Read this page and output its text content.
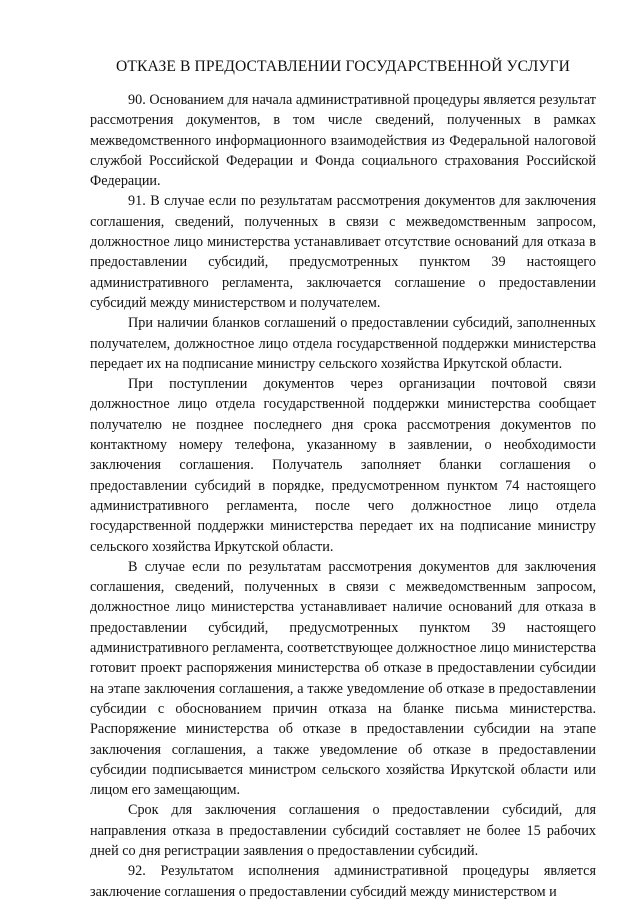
ОТКАЗЕ В ПРЕДОСТАВЛЕНИИ ГОСУДАРСТВЕННОЙ УСЛУГИ

90. Основанием для начала административной процедуры является результат рассмотрения документов, в том числе сведений, полученных в рамках межведомственного информационного взаимодействия из Федеральной налоговой службой Российской Федерации и Фонда социального страхования Российской Федерации.

91. В случае если по результатам рассмотрения документов для заключения соглашения, сведений, полученных в связи с межведомственным запросом, должностное лицо министерства устанавливает отсутствие оснований для отказа в предоставлении субсидий, предусмотренных пунктом 39 настоящего административного регламента, заключается соглашение о предоставлении субсидий между министерством и получателем.

При наличии бланков соглашений о предоставлении субсидий, заполненных получателем, должностное лицо отдела государственной поддержки министерства передает их на подписание министру сельского хозяйства Иркутской области.

При поступлении документов через организации почтовой связи должностное лицо отдела государственной поддержки министерства сообщает получателю не позднее последнего дня срока рассмотрения документов по контактному номеру телефона, указанному в заявлении, о необходимости заключения соглашения. Получатель заполняет бланки соглашения о предоставлении субсидий в порядке, предусмотренном пунктом 74 настоящего административного регламента, после чего должностное лицо отдела государственной поддержки министерства передает их на подписание министру сельского хозяйства Иркутской области.

В случае если по результатам рассмотрения документов для заключения соглашения, сведений, полученных в связи с межведомственным запросом, должностное лицо министерства устанавливает наличие оснований для отказа в предоставлении субсидий, предусмотренных пунктом 39 настоящего административного регламента, соответствующее должностное лицо министерства готовит проект распоряжения министерства об отказе в предоставлении субсидии на этапе заключения соглашения, а также уведомление об отказе в предоставлении субсидии с обоснованием причин отказа на бланке письма министерства. Распоряжение министерства об отказе в предоставлении субсидии на этапе заключения соглашения, а также уведомление об отказе в предоставлении субсидии подписывается министром сельского хозяйства Иркутской области или лицом его замещающим.

Срок для заключения соглашения о предоставлении субсидий, для направления отказа в предоставлении субсидий составляет не более 15 рабочих дней со дня регистрации заявления о предоставлении субсидий.

92. Результатом исполнения административной процедуры является заключение соглашения о предоставлении субсидий между министерством и
